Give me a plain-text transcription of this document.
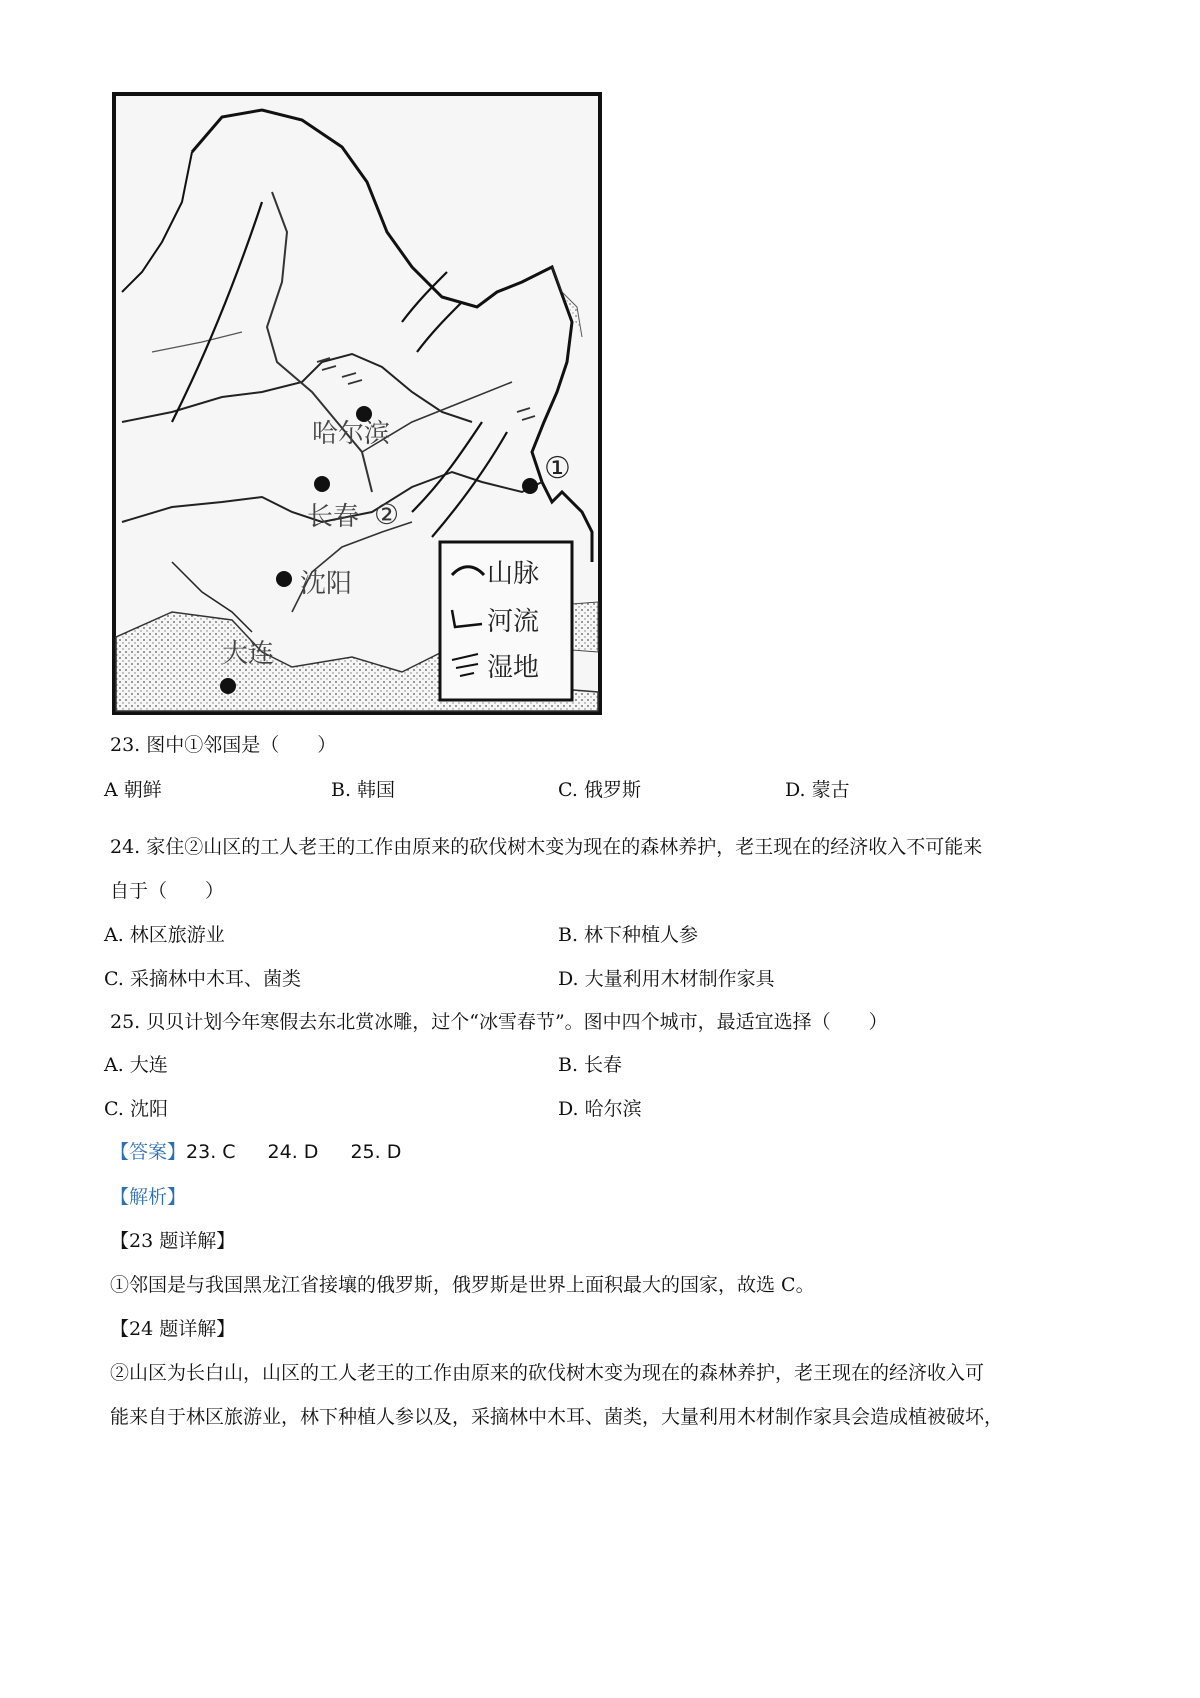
哈尔滨
长春
沈阳
大连
①
②
山脉
河流
湿地
23. 图中①邻国是（　　）
A 朝鲜	B. 韩国	C. 俄罗斯	D. 蒙古
24. 家住②山区的工人老王的工作由原来的砍伐树木变为现在的森林养护，老王现在的经济收入不可能来
自于（　　）
A. 林区旅游业	B. 林下种植人参
C. 采摘林中木耳、菌类	D. 大量利用木材制作家具
25. 贝贝计划今年寒假去东北赏冰雕，过个“冰雪春节”。图中四个城市，最适宜选择（　　）
A. 大连	B. 长春
C. 沈阳	D. 哈尔滨
【答案】23. C 24. D 25. D
【解析】
【23 题详解】
①邻国是与我国黑龙江省接壤的俄罗斯，俄罗斯是世界上面积最大的国家，故选 C。
【24 题详解】
②山区为长白山，山区的工人老王的工作由原来的砍伐树木变为现在的森林养护，老王现在的经济收入可
能来自于林区旅游业，林下种植人参以及，采摘林中木耳、菌类，大量利用木材制作家具会造成植被破坏，
